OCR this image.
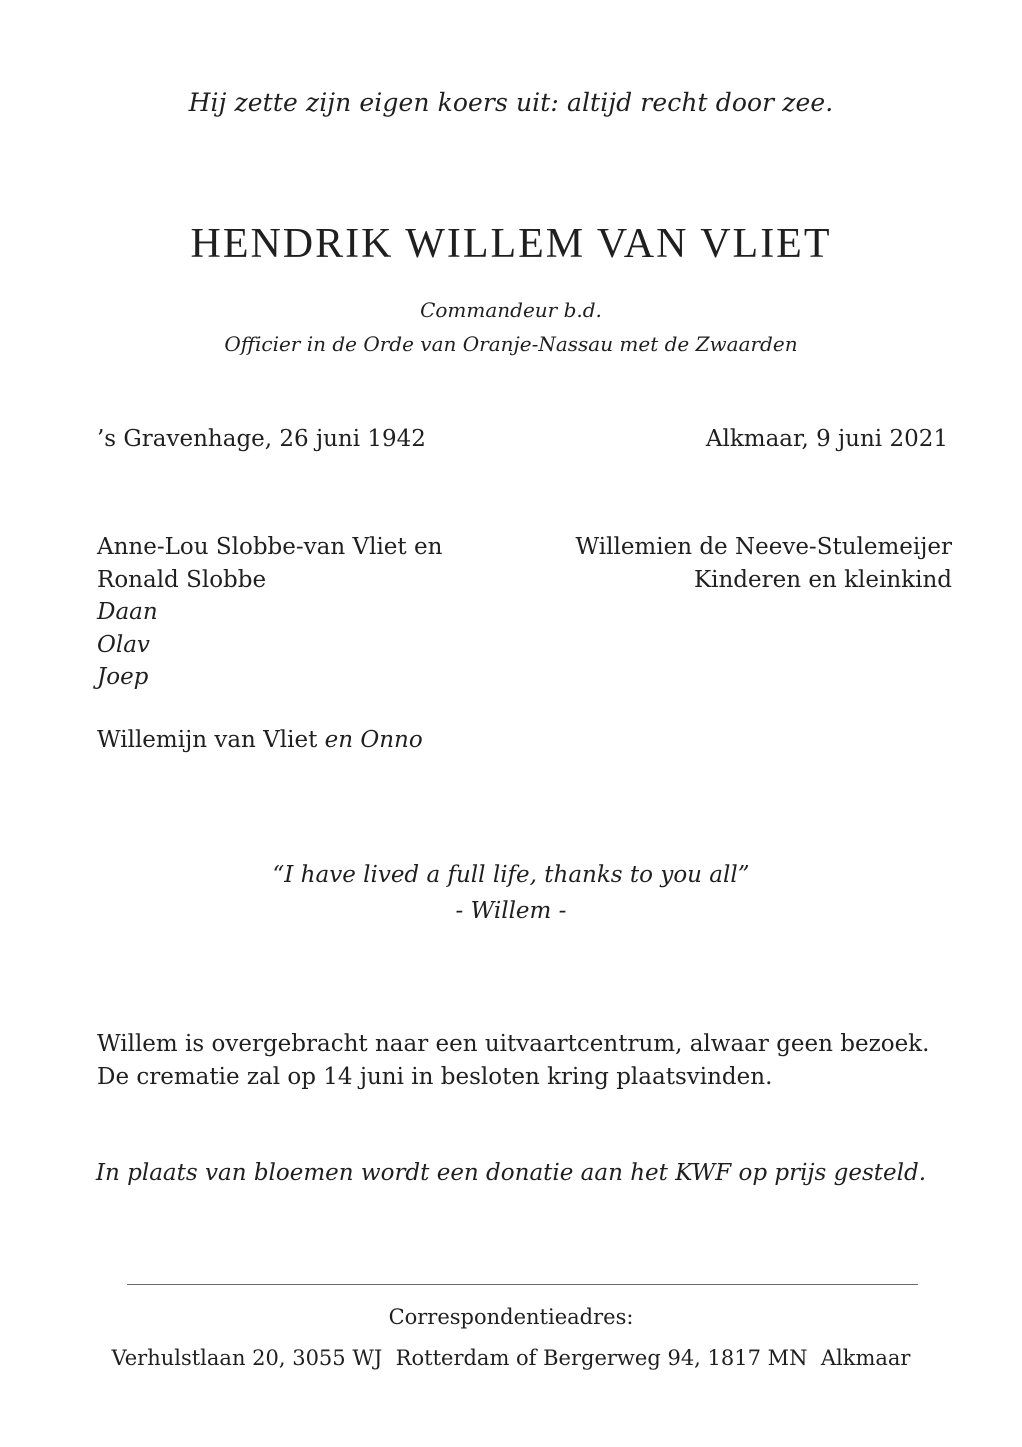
Hij zette zijn eigen koers uit: altijd recht door zee.
HENDRIK WILLEM VAN VLIET
Commandeur b.d.
Officier in de Orde van Oranje-Nassau met de Zwaarden
’s Gravenhage, 26 juni 1942	Alkmaar, 9 juni 2021
Anne-Lou Slobbe-van Vliet en
Ronald Slobbe
Daan
Olav
Joep
Willemien de Neeve-Stulemeijer
Kinderen en kleinkind
Willemijn van Vliet en Onno
“I have lived a full life, thanks to you all”
- Willem -
Willem is overgebracht naar een uitvaartcentrum, alwaar geen bezoek.
De crematie zal op 14 juni in besloten kring plaatsvinden.
In plaats van bloemen wordt een donatie aan het KWF op prijs gesteld.
Correspondentieadres:
Verhulstlaan 20, 3055 WJ  Rotterdam of Bergerweg 94, 1817 MN  Alkmaar
